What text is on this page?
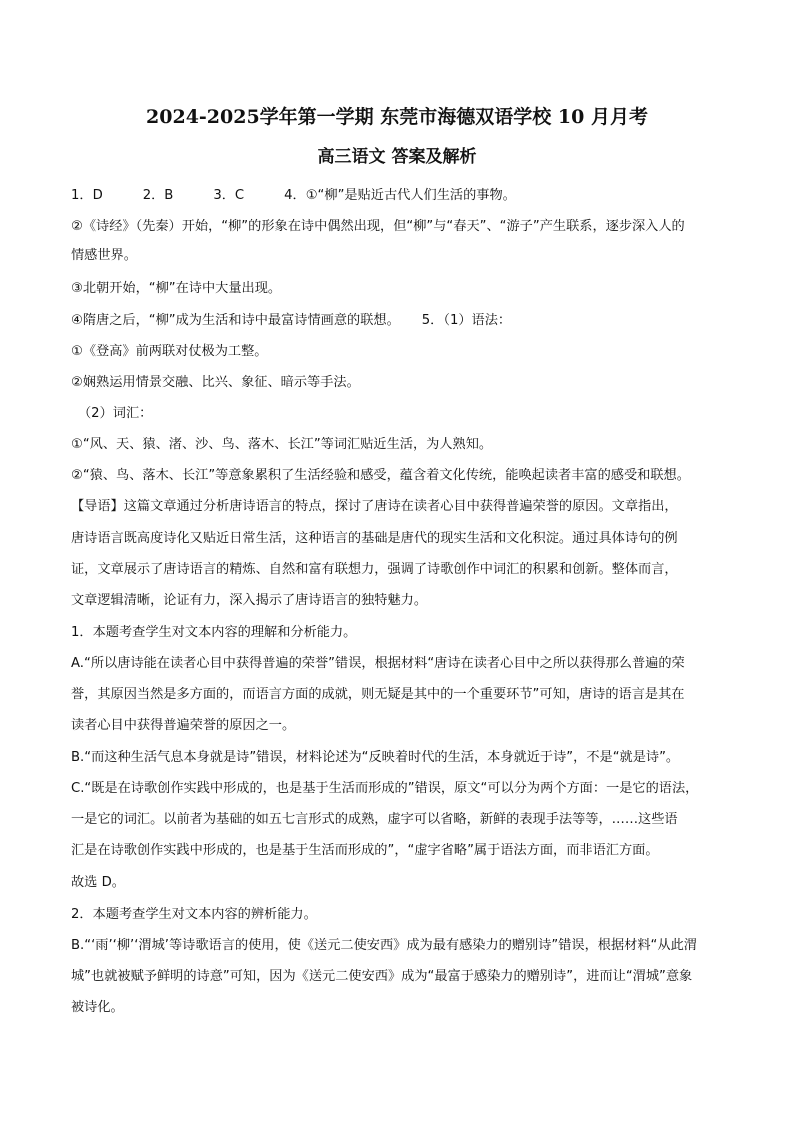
2024-2025学年第一学期 东莞市海德双语学校 10 月月考
高三语文 答案及解析
1．D	2．B	3．C	4．①“柳”是贴近古代人们生活的事物。
②《诗经》（先秦）开始，“柳”的形象在诗中偶然出现，但“柳”与“春天”、“游子”产生联系，逐步深入人的
情感世界。
③北朝开始，“柳”在诗中大量出现。
④隋唐之后，“柳”成为生活和诗中最富诗情画意的联想。 5．（1）语法：
①《登高》前两联对仗极为工整。
②娴熟运用情景交融、比兴、象征、暗示等手法。
（2）词汇：
①“风、天、猿、渚、沙、鸟、落木、长江”等词汇贴近生活，为人熟知。
②“猿、鸟、落木、长江”等意象累积了生活经验和感受，蕴含着文化传统，能唤起读者丰富的感受和联想。
【导语】这篇文章通过分析唐诗语言的特点，探讨了唐诗在读者心目中获得普遍荣誉的原因。文章指出，
唐诗语言既高度诗化又贴近日常生活，这种语言的基础是唐代的现实生活和文化积淀。通过具体诗句的例
证，文章展示了唐诗语言的精炼、自然和富有联想力，强调了诗歌创作中词汇的积累和创新。整体而言，
文章逻辑清晰，论证有力，深入揭示了唐诗语言的独特魅力。
1．本题考查学生对文本内容的理解和分析能力。
A.“所以唐诗能在读者心目中获得普遍的荣誉”错误，根据材料“唐诗在读者心目中之所以获得那么普遍的荣
誉，其原因当然是多方面的，而语言方面的成就，则无疑是其中的一个重要环节”可知，唐诗的语言是其在
读者心目中获得普遍荣誉的原因之一。
B.“而这种生活气息本身就是诗”错误，材料论述为“反映着时代的生活，本身就近于诗”，不是“就是诗”。
C.“既是在诗歌创作实践中形成的，也是基于生活而形成的”错误，原文“可以分为两个方面：一是它的语法，
一是它的词汇。以前者为基础的如五七言形式的成熟，虚字可以省略，新鲜的表现手法等等，……这些语
汇是在诗歌创作实践中形成的，也是基于生活而形成的”，“虚字省略”属于语法方面，而非语汇方面。
故选 D。
2．本题考查学生对文本内容的辨析能力。
B.“‘雨’‘柳’‘渭城’等诗歌语言的使用，使《送元二使安西》成为最有感染力的赠别诗”错误，根据材料“从此渭
城”也就被赋予鲜明的诗意”可知，因为《送元二使安西》成为“最富于感染力的赠别诗”，进而让“渭城”意象
被诗化。
